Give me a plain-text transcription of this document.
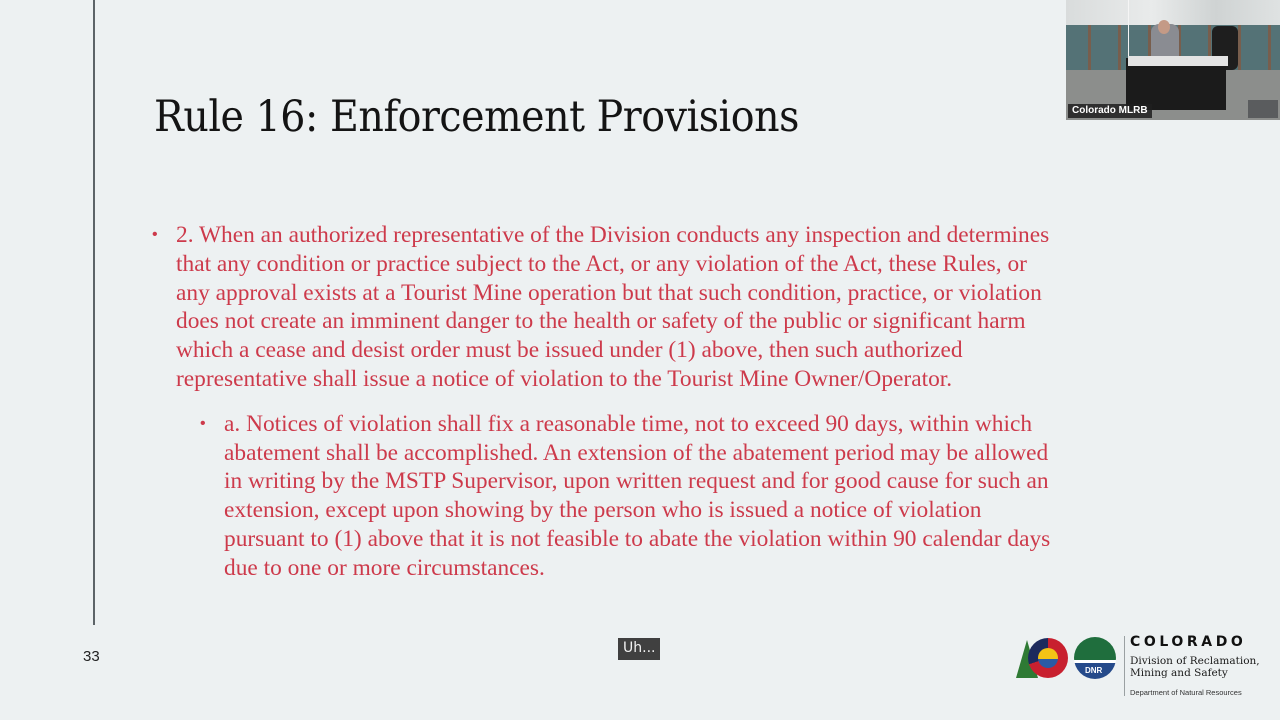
Rule 16: Enforcement Provisions
• 2. When an authorized representative of the Division conducts any inspection and determines that any condition or practice subject to the Act, or any violation of the Act, these Rules, or any approval exists at a Tourist Mine operation but that such condition, practice, or violation does not create an imminent danger to the health or safety of the public or significant harm which a cease and desist order must be issued under (1) above, then such authorized representative shall issue a notice of violation to the Tourist Mine Owner/Operator.
• a. Notices of violation shall fix a reasonable time, not to exceed 90 days, within which abatement shall be accomplished. An extension of the abatement period may be allowed in writing by the MSTP Supervisor, upon written request and for good cause for such an extension, except upon showing by the person who is issued a notice of violation pursuant to (1) above that it is not feasible to abate the violation within 90 calendar days due to one or more circumstances.
33	Uh...
Colorado MLRB
DNR
COLORADO
Division of Reclamation,
Mining and Safety
Department of Natural Resources
